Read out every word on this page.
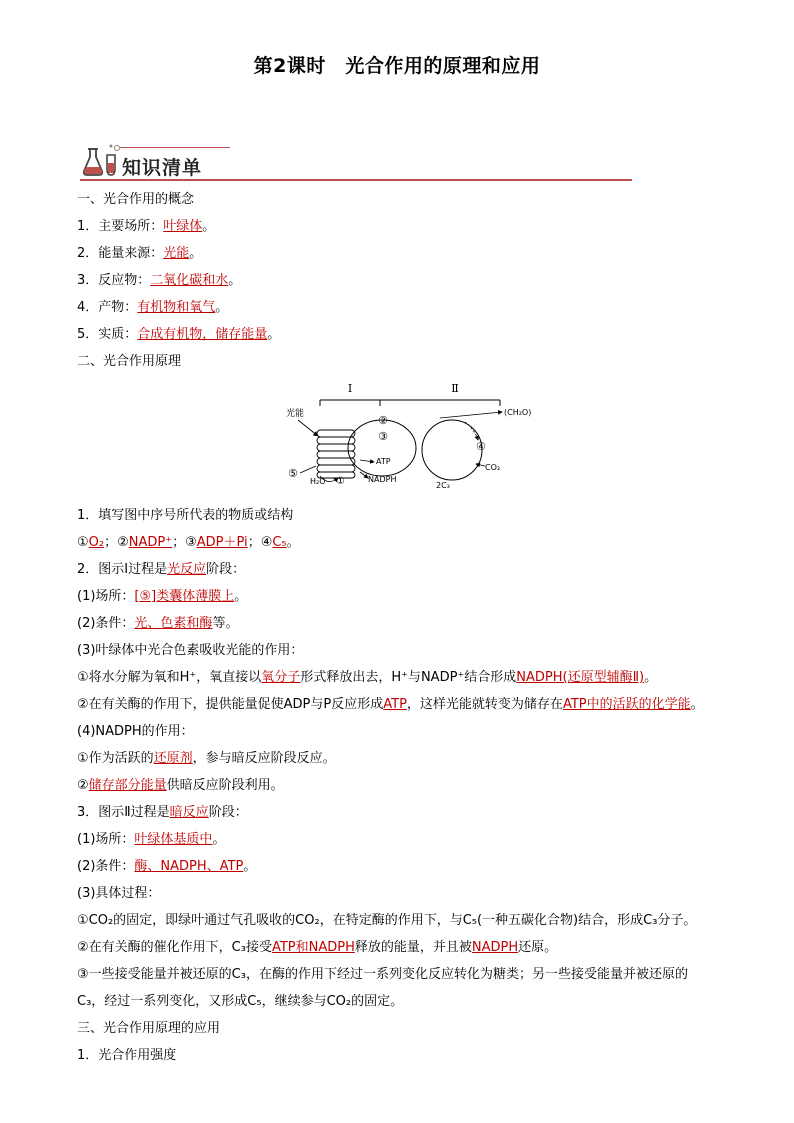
第2课时　光合作用的原理和应用
知识清单
一、光合作用的概念
1．主要场所：叶绿体。
2．能量来源：光能。
3．反应物：二氧化碳和水。
4．产物：有机物和氧气。
5．实质：合成有机物，储存能量。
二、光合作用原理
1．填写图中序号所代表的物质或结构
①O₂；②NADP⁺；③ADP＋Pi；④C₅。
2．图示Ⅰ过程是光反应阶段：
(1)场所：[⑤]类囊体薄膜上。
(2)条件：光、色素和酶等。
(3)叶绿体中光合色素吸收光能的作用：
①将水分解为氧和H⁺，氧直接以氧分子形式释放出去，H⁺与NADP⁺结合形成NADPH(还原型辅酶Ⅱ)。
②在有关酶的作用下，提供能量促使ADP与P反应形成ATP，这样光能就转变为储存在ATP中的活跃的化学能。
(4)NADPH的作用：
①作为活跃的还原剂，参与暗反应阶段反应。
②储存部分能量供暗反应阶段利用。
3．图示Ⅱ过程是暗反应阶段：
(1)场所：叶绿体基质中。
(2)条件：酶、NADPH、ATP。
(3)具体过程：
①CO₂的固定，即绿叶通过气孔吸收的CO₂，在特定酶的作用下，与C₅(一种五碳化合物)结合，形成C₃分子。
②在有关酶的催化作用下，C₃接受ATP和NADPH释放的能量，并且被NADPH还原。
③一些接受能量并被还原的C₃，在酶的作用下经过一系列变化反应转化为糖类；另一些接受能量并被还原的
C₃，经过一系列变化，又形成C₅，继续参与CO₂的固定。
三、光合作用原理的应用
1．光合作用强度
Ⅰ	Ⅱ
光能
⑤
H₂O ①
②
③
ATP
NADPH
④
CO₂
2C₃
(CH₂O)
